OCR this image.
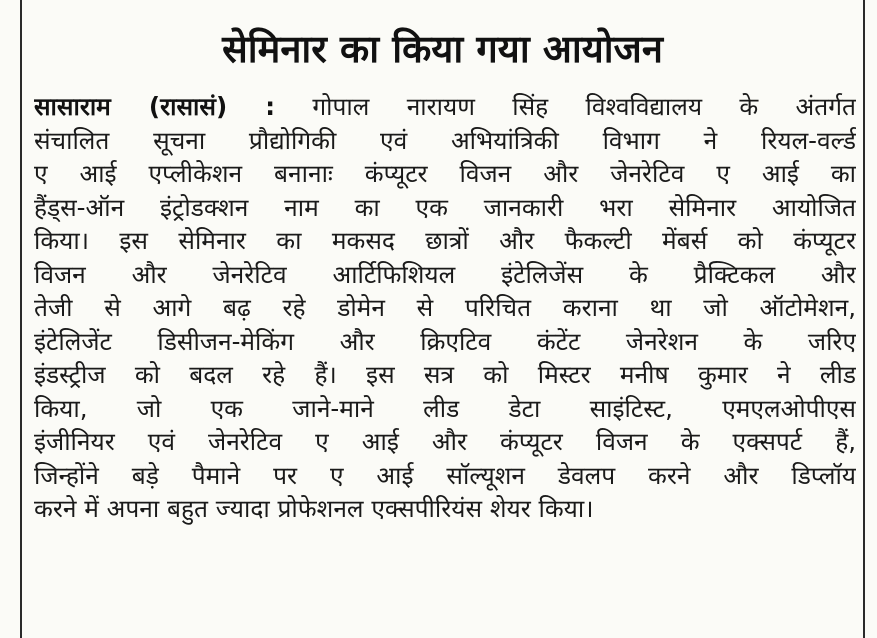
सेमिनार का किया गया आयोजन
सासाराम (रासासं) : गोपाल नारायण सिंह विश्वविद्यालय के अंतर्गत
संचालित सूचना प्रौद्योगिकी एवं अभियांत्रिकी विभाग ने रियल-वर्ल्ड
ए आई एप्लीकेशन बनानाः कंप्यूटर विजन और जेनरेटिव ए आई का
हैंड्स-ऑन इंट्रोडक्शन नाम का एक जानकारी भरा सेमिनार आयोजित
किया। इस सेमिनार का मकसद छात्रों और फैकल्टी मेंबर्स को कंप्यूटर
विजन और जेनरेटिव आर्टिफिशियल इंटेलिजेंस के प्रैक्टिकल और
तेजी से आगे बढ़ रहे डोमेन से परिचित कराना था जो ऑटोमेशन,
इंटेलिजेंट डिसीजन-मेकिंग और क्रिएटिव कंटेंट जेनरेशन के जरिए
इंडस्ट्रीज को बदल रहे हैं। इस सत्र को मिस्टर मनीष कुमार ने लीड
किया, जो एक जाने-माने लीड डेटा साइंटिस्ट, एमएलओपीएस
इंजीनियर एवं जेनरेटिव ए आई और कंप्यूटर विजन के एक्सपर्ट हैं,
जिन्होंने बड़े पैमाने पर ए आई सॉल्यूशन डेवलप करने और डिप्लॉय
करने में अपना बहुत ज्यादा प्रोफेशनल एक्सपीरियंस शेयर किया।
